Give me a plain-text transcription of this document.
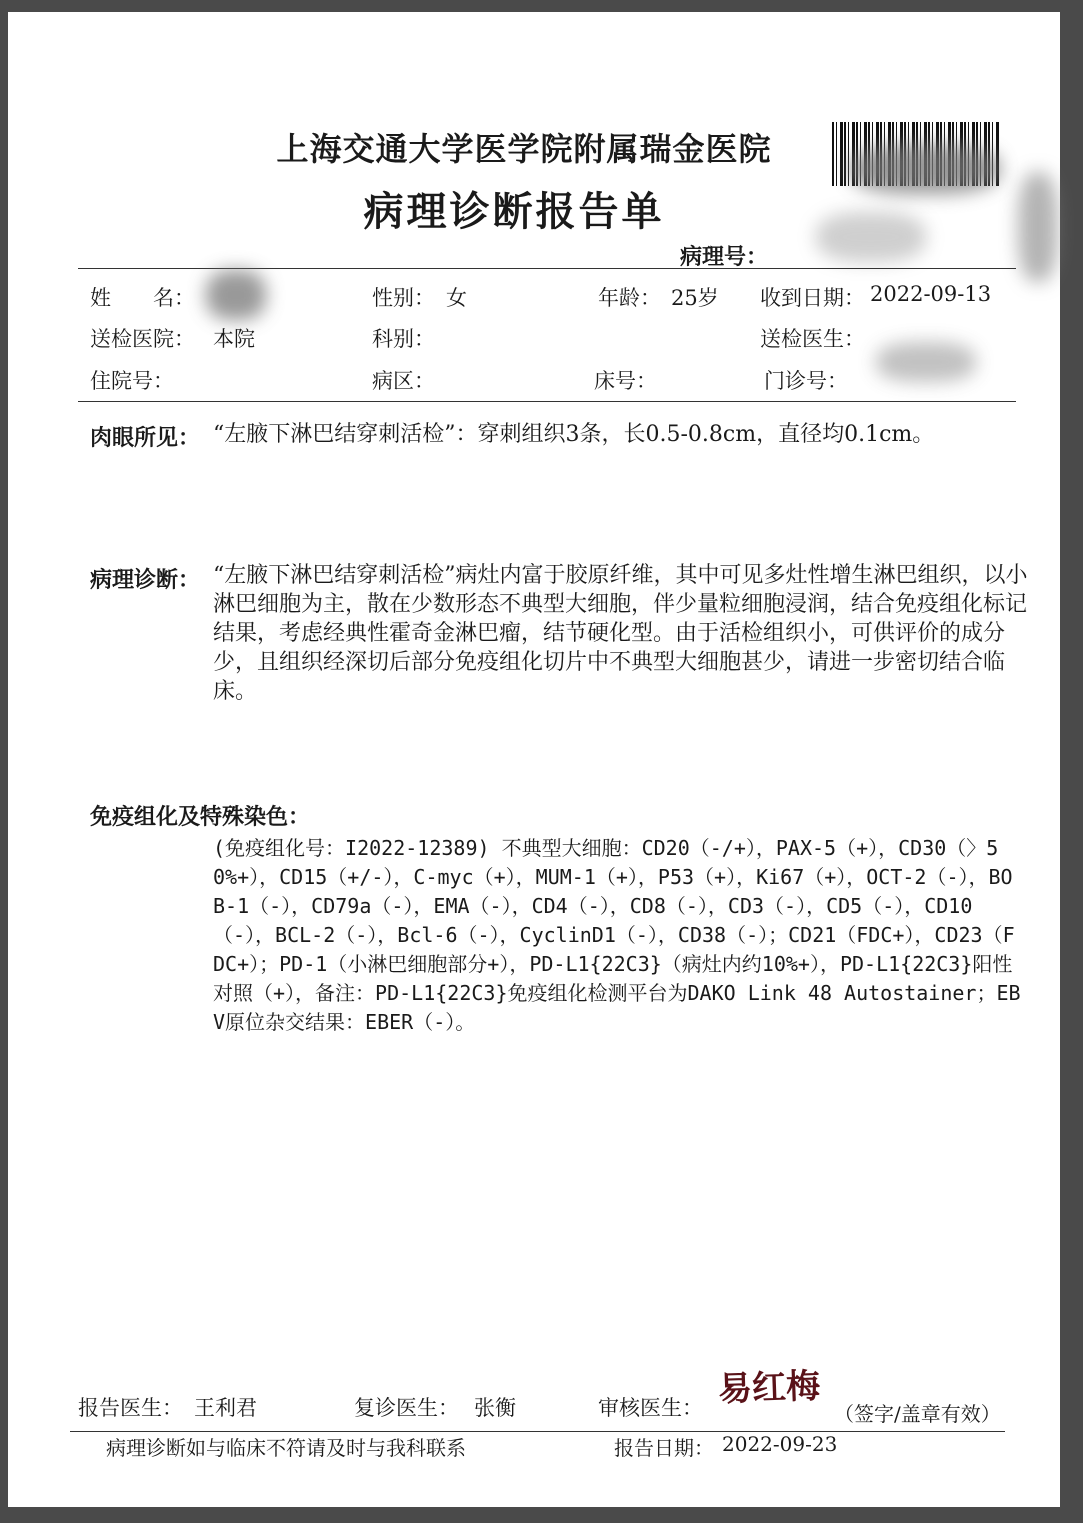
上海交通大学医学院附属瑞金医院
病理诊断报告单
病理号：
姓　　名：	性别： 女	年龄： 25岁 收到日期： 2022-09-13
送检医院： 本院	科别：	送检医生：
住院号：	病区：	床号：	门诊号：
肉眼所见： “左腋下淋巴结穿刺活检”：穿刺组织3条，长0.5-0.8cm，直径均0.1cm。
病理诊断： “左腋下淋巴结穿刺活检”病灶内富于胶原纤维，其中可见多灶性增生淋巴组织，以小淋巴细胞为主，散在少数形态不典型大细胞，伴少量粒细胞浸润，结合免疫组化标记结果，考虑经典性霍奇金淋巴瘤，结节硬化型。由于活检组织小，可供评价的成分少，且组织经深切后部分免疫组化切片中不典型大细胞甚少，请进一步密切结合临床。
免疫组化及特殊染色：
(免疫组化号：I2022-12389) 不典型大细胞：CD20（-/+），PAX-5（+），CD30（〉50%+），CD15（+/-），C-myc（+），MUM-1（+），P53（+），Ki67（+），OCT-2（-），BOB-1（-），CD79a（-），EMA（-），CD4（-），CD8（-），CD3（-），CD5（-），CD10（-），BCL-2（-），Bcl-6（-），CyclinD1（-），CD38（-）；CD21（FDC+），CD23（FDC+）；PD-1（小淋巴细胞部分+），PD-L1{22C3}（病灶内约10%+），PD-L1{22C3}阳性对照（+），备注：PD-L1{22C3}免疫组化检测平台为DAKO Link 48 Autostainer；EBV原位杂交结果：EBER（-）。
报告医生： 王利君	复诊医生： 张衡	审核医生： 易红梅
（签字/盖章有效）
病理诊断如与临床不符请及时与我科联系	报告日期： 2022-09-23
